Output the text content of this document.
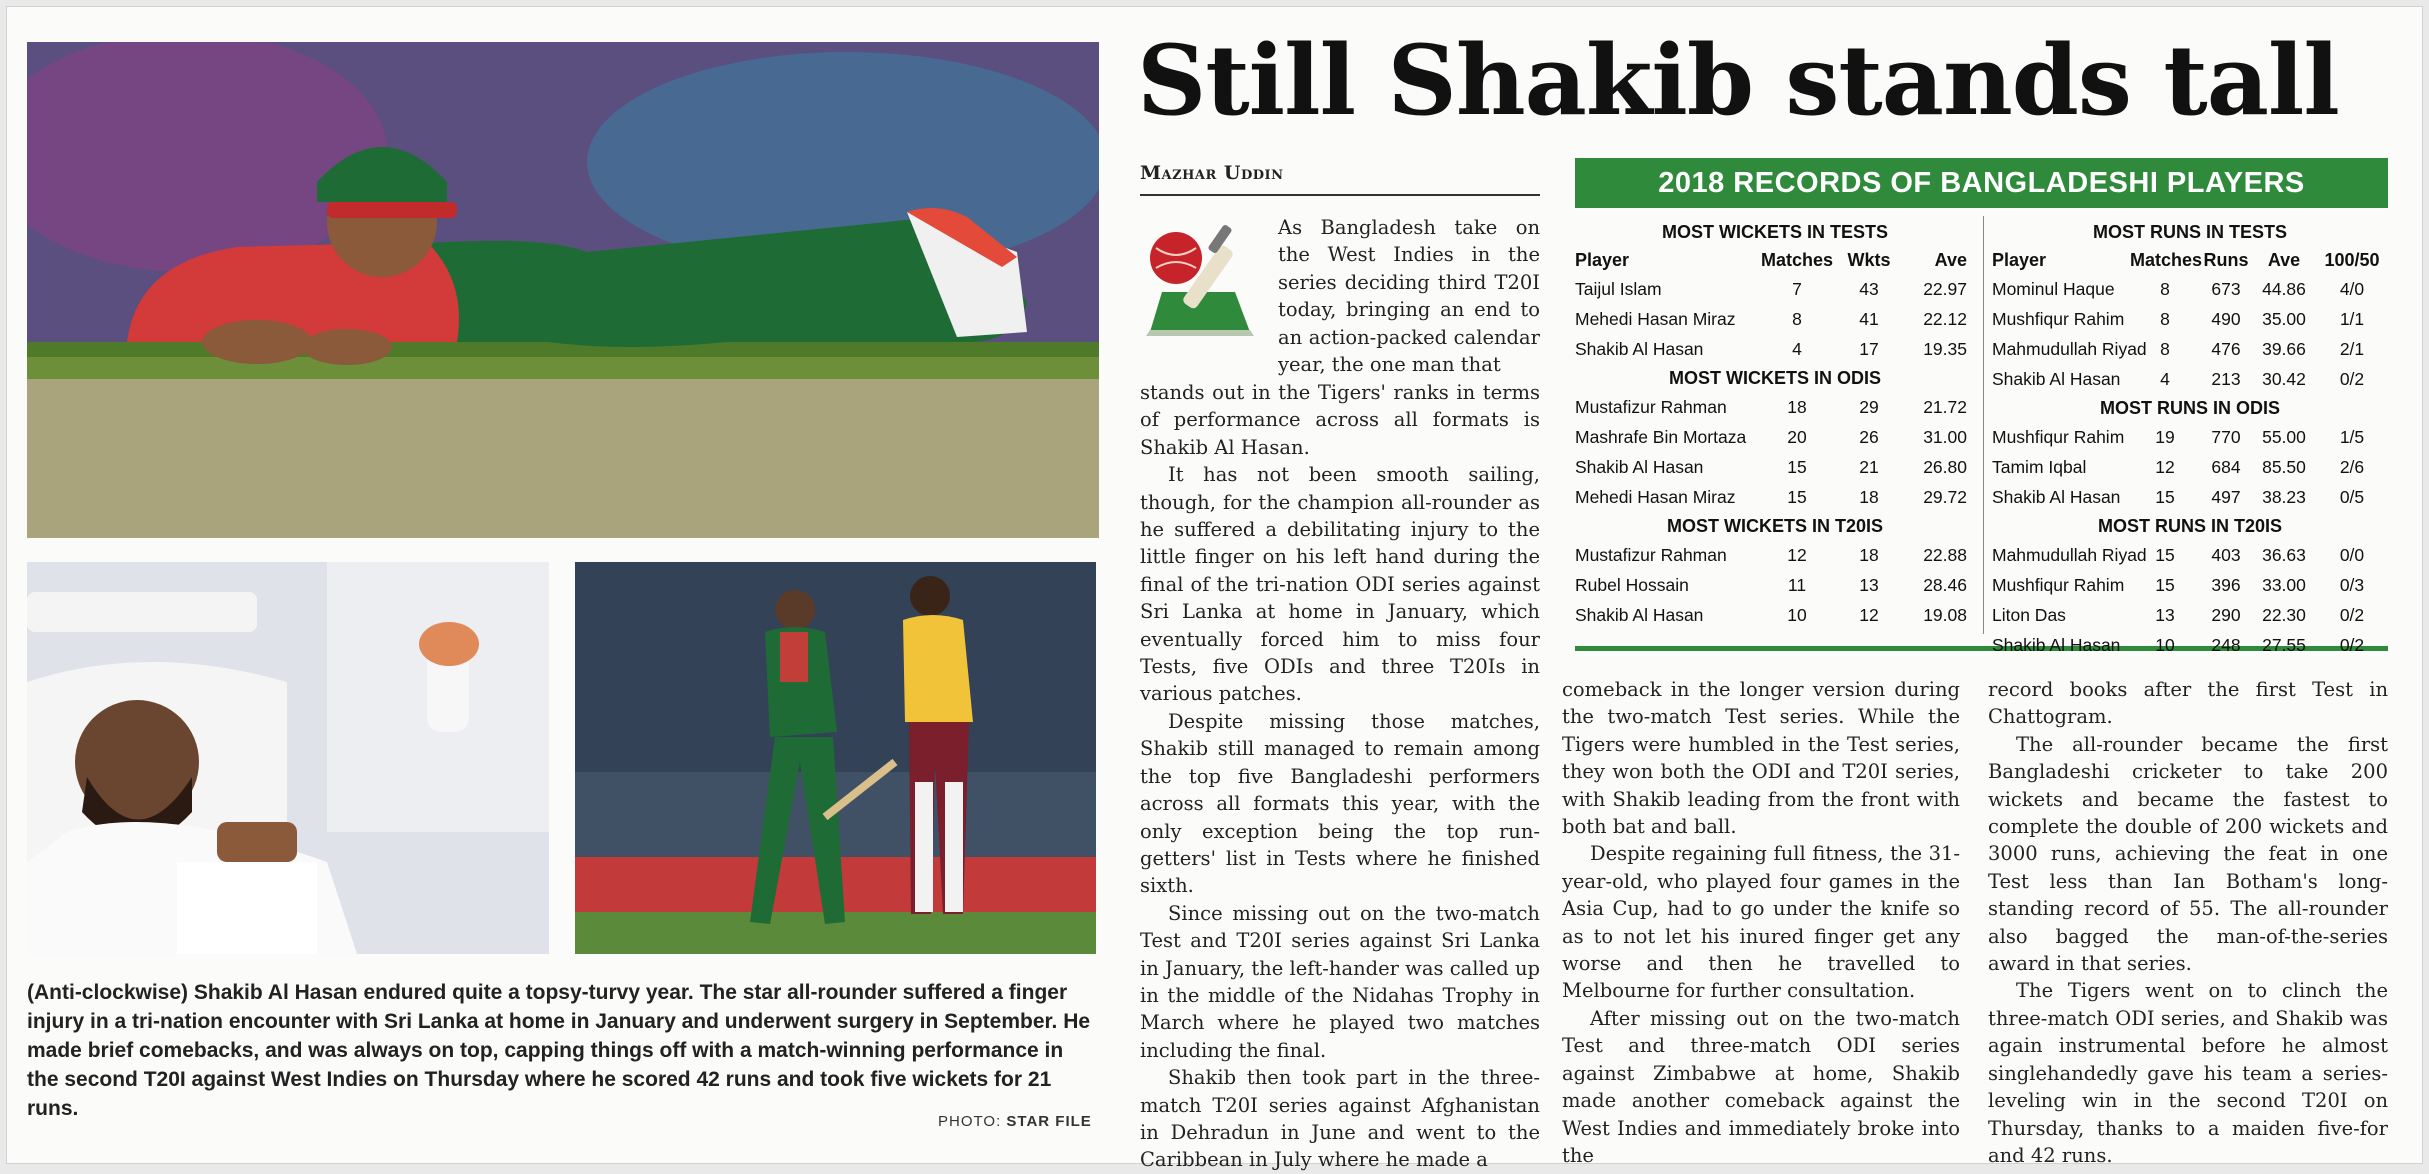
(Anti-clockwise) Shakib Al Hasan endured quite a topsy-turvy year. The star all-rounder suffered a finger injury in a tri-nation encounter with Sri Lanka at home in January and underwent surgery in September. He made brief comebacks, and was always on top, capping things off with a match-winning performance in the second T20I against West Indies on Thursday where he scored 42 runs and took five wickets for 21 runs.
PHOTO: STAR FILE
Still Shakib stands tall
Mazhar Uddin

As Bangladesh take on the West Indies in the series deciding third T20I today, bringing an end to an action-packed calendar year, the one man that

stands out in the Tigers' ranks in terms of performance across all formats is Shakib Al Hasan.

It has not been smooth sailing, though, for the champion all-rounder as he suffered a debilitating injury to the little finger on his left hand during the final of the tri-nation ODI series against Sri Lanka at home in January, which eventually forced him to miss four Tests, five ODIs and three T20Is in various patches.

Despite missing those matches, Shakib still managed to remain among the top five Bangladeshi performers across all formats this year, with the only exception being the top run-getters' list in Tests where he finished sixth.

Since missing out on the two-match Test and T20I series against Sri Lanka in January, the left-hander was called up in the middle of the Nidahas Trophy in March where he played two matches including the final.

Shakib then took part in the three-match T20I series against Afghanistan in Dehradun in June and went to the Caribbean in July where he made a

comeback in the longer version during the two-match Test series. While the Tigers were humbled in the Test series, they won both the ODI and T20I series, with Shakib leading from the front with both bat and ball.

Despite regaining full fitness, the 31-year-old, who played four games in the Asia Cup, had to go under the knife so as to not let his inured finger get any worse and then he travelled to Melbourne for further consultation.

After missing out on the two-match Test and three-match ODI series against Zimbabwe at home, Shakib made another comeback against the West Indies and immediately broke into the

record books after the first Test in Chattogram.

The all-rounder became the first Bangladeshi cricketer to take 200 wickets and became the fastest to complete the double of 200 wickets and 3000 runs, achieving the feat in one Test less than Ian Botham's long-standing record of 55. The all-rounder also bagged the man-of-the-series award in that series.

The Tigers went on to clinch the three-match ODI series, and Shakib was again instrumental before he almost singlehandedly gave his team a series-leveling win in the second T20I on Thursday, thanks to a maiden five-for and 42 runs.

2018 RECORDS OF BANGLADESHI PLAYERS
MOST WICKETS IN TESTS
Player	Matches Wkts	Ave
Taijul Islam	7	43	22.97
Mehedi Hasan Miraz	8	41	22.12
Shakib Al Hasan	4	17	19.35
MOST WICKETS IN ODIS
Mustafizur Rahman	18	29	21.72
Mashrafe Bin Mortaza	20	26	31.00
Shakib Al Hasan	15	21	26.80
Mehedi Hasan Miraz	15	18	29.72
MOST WICKETS IN T20IS
Mustafizur Rahman	12	18	22.88
Rubel Hossain	11	13	28.46
Shakib Al Hasan	10	12	19.08
MOST RUNS IN TESTS
Player	Matches Runs	Ave	100/50
Mominul Haque	8	673	44.86	4/0
Mushfiqur Rahim	8	490	35.00	1/1
Mahmudullah Riyad 8	476	39.66	2/1
Shakib Al Hasan	4	213	30.42	0/2
MOST RUNS IN ODIS
Mushfiqur Rahim	19	770	55.00	1/5
Tamim Iqbal	12	684	85.50	2/6
Shakib Al Hasan	15	497	38.23	0/5
MOST RUNS IN T20IS
Mahmudullah Riyad 15	403	36.63	0/0
Mushfiqur Rahim	15	396	33.00	0/3
Liton Das	13	290	22.30	0/2
Shakib Al Hasan	10	248	27.55	0/2
